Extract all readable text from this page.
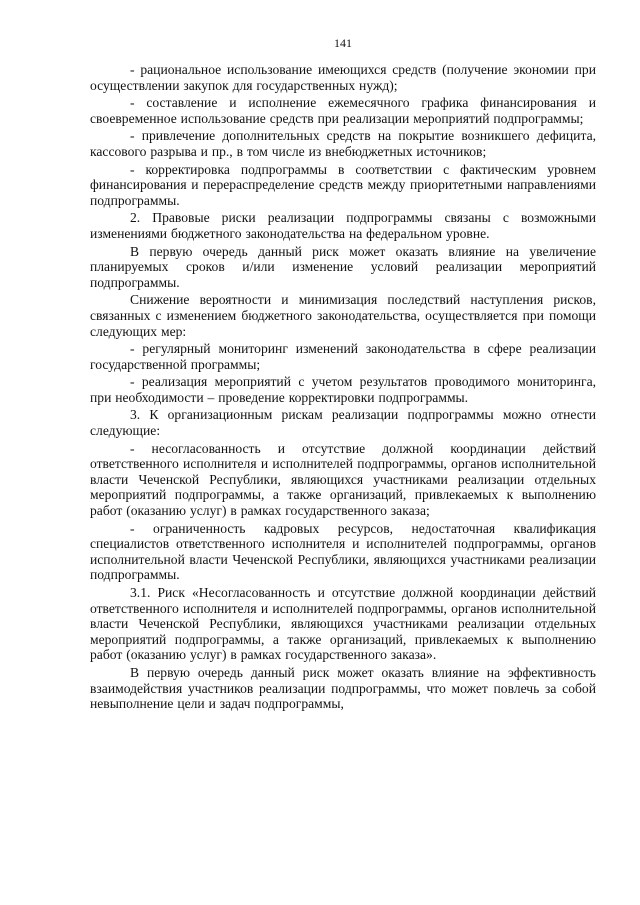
141

- рациональное использование имеющихся средств (получение экономии при осуществлении закупок для государственных нужд);

- составление и исполнение ежемесячного графика финансирования и своевременное использование средств при реализации мероприятий подпрограммы;

- привлечение дополнительных средств на покрытие возникшего дефицита, кассового разрыва и пр., в том числе из внебюджетных источников;

- корректировка подпрограммы в соответствии с фактическим уровнем финансирования и перераспределение средств между приоритетными направлениями подпрограммы.

2. Правовые риски реализации подпрограммы связаны с возможными изменениями бюджетного законодательства на федеральном уровне.

В первую очередь данный риск может оказать влияние на увеличение планируемых сроков и/или изменение условий реализации мероприятий подпрограммы.

Снижение вероятности и минимизация последствий наступления рисков, связанных с изменением бюджетного законодательства, осуществляется при помощи следующих мер:

- регулярный мониторинг изменений законодательства в сфере реализации государственной программы;

- реализация мероприятий с учетом результатов проводимого мониторинга, при необходимости – проведение корректировки подпрограммы.

3. К организационным рискам реализации подпрограммы можно отнести следующие:

- несогласованность и отсутствие должной координации действий ответственного исполнителя и исполнителей подпрограммы, органов исполнительной власти Чеченской Республики, являющихся участниками реализации отдельных мероприятий подпрограммы, а также организаций, привлекаемых к выполнению работ (оказанию услуг) в рамках государственного заказа;

- ограниченность кадровых ресурсов, недостаточная квалификация специалистов ответственного исполнителя и исполнителей подпрограммы, органов исполнительной власти Чеченской Республики, являющихся участниками реализации подпрограммы.

3.1. Риск «Несогласованность и отсутствие должной координации действий ответственного исполнителя и исполнителей подпрограммы, органов исполнительной власти Чеченской Республики, являющихся участниками реализации отдельных мероприятий подпрограммы, а также организаций, привлекаемых к выполнению работ (оказанию услуг) в рамках государственного заказа».

В первую очередь данный риск может оказать влияние на эффективность взаимодействия участников реализации подпрограммы, что может повлечь за собой невыполнение цели и задач подпрограммы,
